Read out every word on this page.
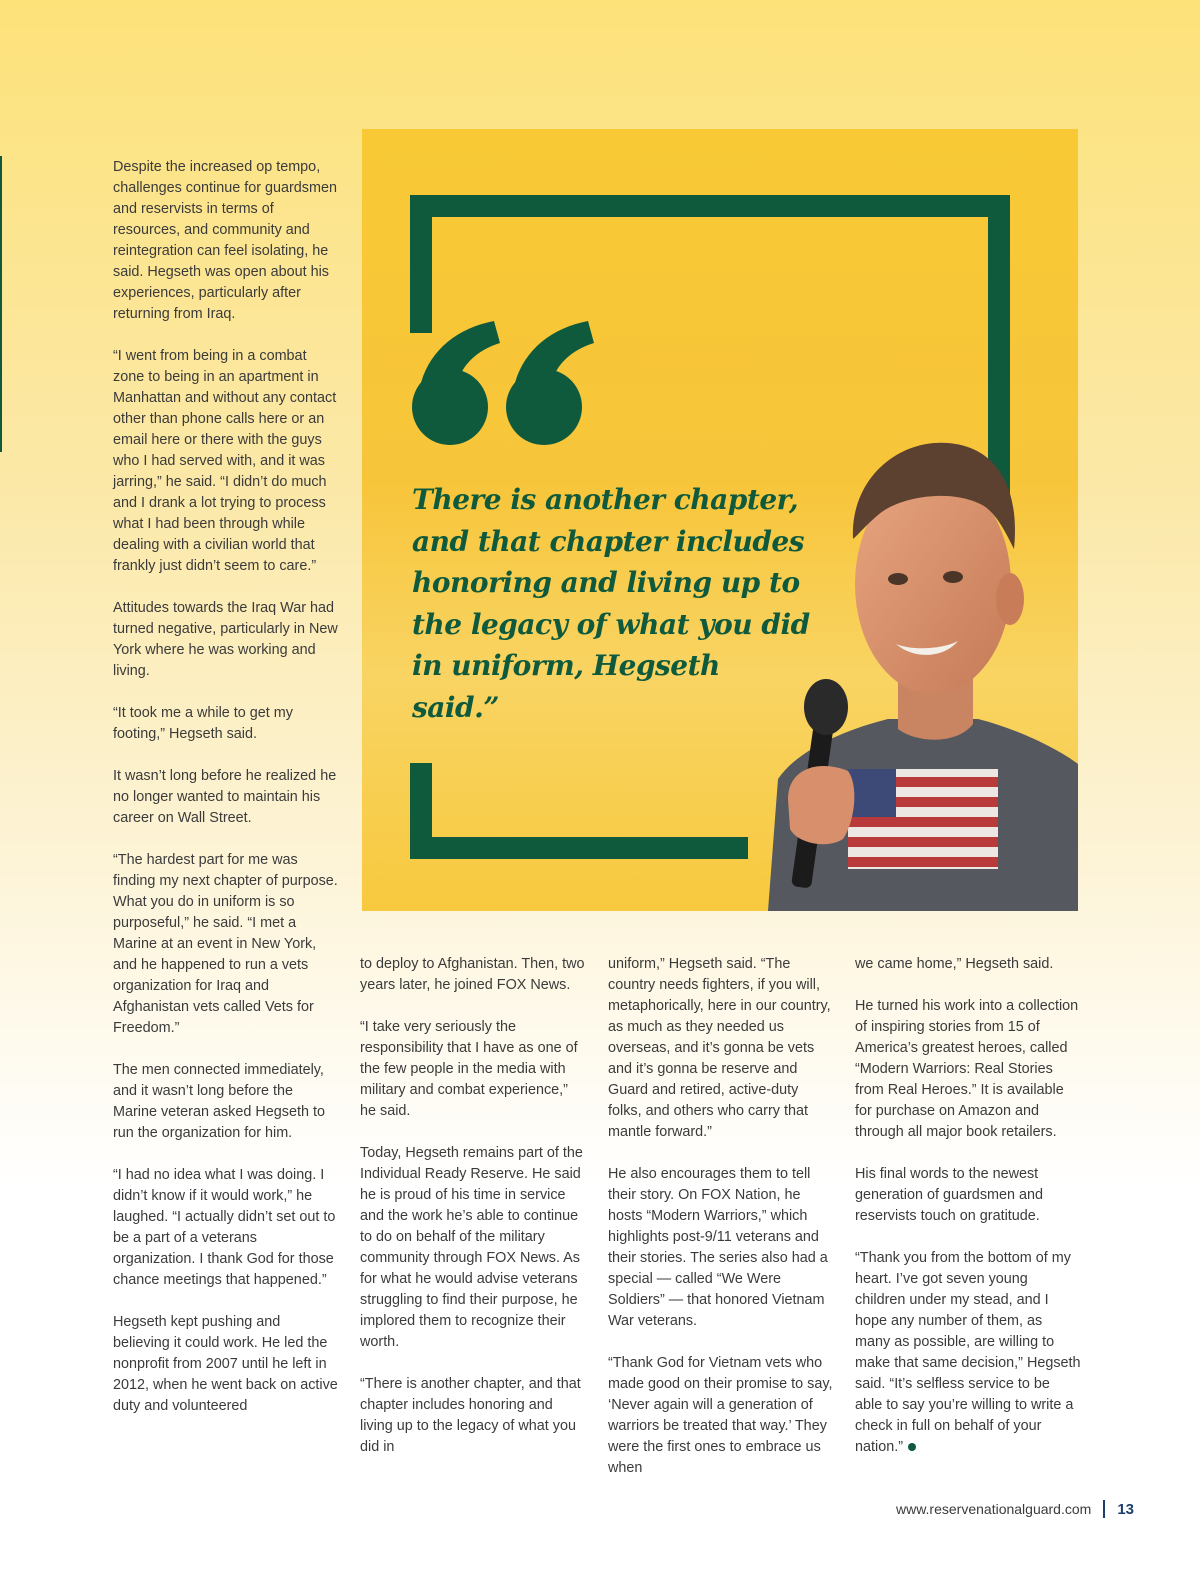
Despite the increased op tempo, challenges continue for guardsmen and reservists in terms of resources, and community and reintegration can feel isolating, he said. Hegseth was open about his experiences, particularly after returning from Iraq.

“I went from being in a combat zone to being in an apartment in Manhattan and without any contact other than phone calls here or an email here or there with the guys who I had served with, and it was jarring,” he said. “I didn’t do much and I drank a lot trying to process what I had been through while dealing with a civilian world that frankly just didn’t seem to care.”

Attitudes towards the Iraq War had turned negative, particularly in New York where he was working and living.

“It took me a while to get my footing,” Hegseth said.

It wasn’t long before he realized he no longer wanted to maintain his career on Wall Street.

“The hardest part for me was finding my next chapter of purpose. What you do in uniform is so purposeful,” he said. “I met a Marine at an event in New York, and he happened to run a vets organization for Iraq and Afghanistan vets called Vets for Freedom.”

The men connected immediately, and it wasn’t long before the Marine veteran asked Hegseth to run the organization for him.

“I had no idea what I was doing. I didn’t know if it would work,” he laughed. “I actually didn’t set out to be a part of a veterans organization. I thank God for those chance meetings that happened.”

Hegseth kept pushing and believing it could work. He led the nonprofit from 2007 until he left in 2012, when he went back on active duty and volunteered

There is another chapter, and that chapter includes honoring and living up to the legacy of what you did in uniform, Hegseth said.”

to deploy to Afghanistan. Then, two years later, he joined FOX News.

“I take very seriously the responsibility that I have as one of the few people in the media with military and combat experience,” he said.

Today, Hegseth remains part of the Individual Ready Reserve. He said he is proud of his time in service and the work he’s able to continue to do on behalf of the military community through FOX News. As for what he would advise veterans struggling to find their purpose, he implored them to recognize their worth.

“There is another chapter, and that chapter includes honoring and living up to the legacy of what you did in

uniform,” Hegseth said. “The country needs fighters, if you will, metaphorically, here in our country, as much as they needed us overseas, and it’s gonna be vets and it’s gonna be reserve and Guard and retired, active-duty folks, and others who carry that mantle forward.”

He also encourages them to tell their story. On FOX Nation, he hosts “Modern Warriors,” which highlights post-9/11 veterans and their stories. The series also had a special — called “We Were Soldiers” — that honored Vietnam War veterans.

“Thank God for Vietnam vets who made good on their promise to say, ‘Never again will a generation of warriors be treated that way.’ They were the first ones to embrace us when

we came home,” Hegseth said.

He turned his work into a collection of inspiring stories from 15 of America’s greatest heroes, called “Modern Warriors: Real Stories from Real Heroes.” It is available for purchase on Amazon and through all major book retailers.

His final words to the newest generation of guardsmen and reservists touch on gratitude.

“Thank you from the bottom of my heart. I’ve got seven young children under my stead, and I hope any number of them, as many as possible, are willing to make that same decision,” Hegseth said. “It’s selfless service to be able to say you’re willing to write a check in full on behalf of your nation.”

www.reservenationalguard.com 13
